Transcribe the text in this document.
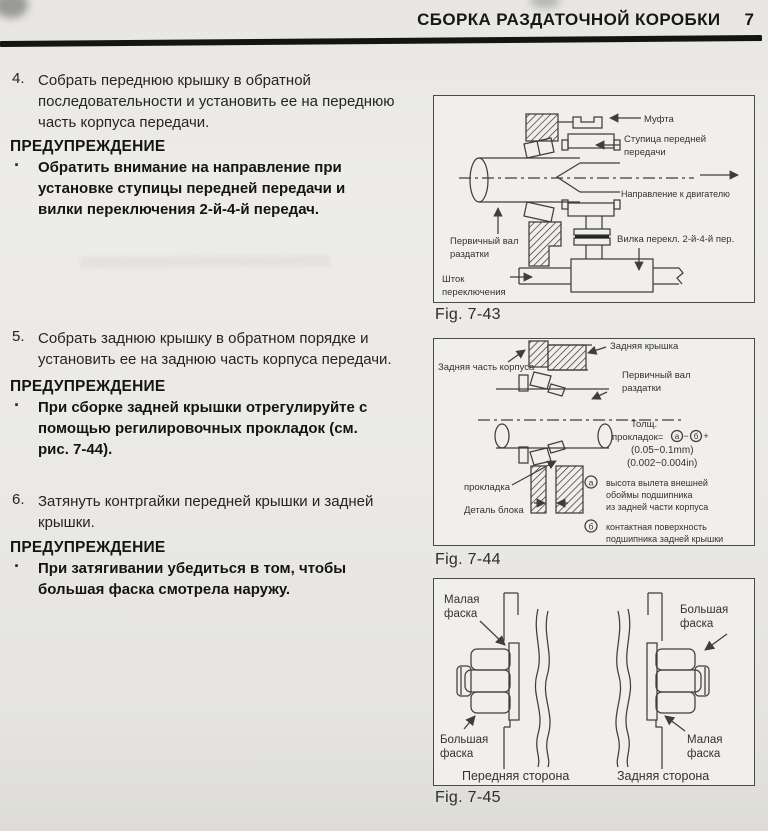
СБОРКА РАЗДАТОЧНОЙ КОРОБКИ 7
4. Собрать переднюю крышку в обратной последовательности и установить ее на переднюю часть корпуса передачи.
ПРЕДУПРЕЖДЕНИЕ
· Обратить внимание на направление при установке ступицы передней передачи и вилки переключения 2-й-4-й передач.
5. Собрать заднюю крышку в обратном порядке и установить ее на заднюю часть корпуса передачи.
ПРЕДУПРЕЖДЕНИЕ
· При сборке задней крышки отрегулируйте с помощью регилировочных прокладок (см. рис. 7-44).
6. Затянуть контргайки передней крышки и задней крышки.
ПРЕДУПРЕЖДЕНИЕ
· При затягивании убедиться в том, чтобы большая фаска смотрела наружу.
Муфта
Ступица передней
передачи
Направление к двигателю
Вилка перекл. 2-й-4-й пер.
Первичный вал
раздатки
Шток
переключения
Fig. 7-43
Задняя крышка
Задняя часть корпуса
Первичный вал
раздатки
Толщ.
прокладок= а − б +
(0.05~0.1mm)
(0.002~0.004in)
прокладка
Деталь блока
а высота вылета внешней
обоймы подшипника
из задней части корпуса
б контактная поверхность
подшипника задней крышки
Fig. 7-44
Малая
фаска
Большая
фаска
Большая
фаска
Малая
фаска
Передняя сторона	Задняя сторона
Fig. 7-45
